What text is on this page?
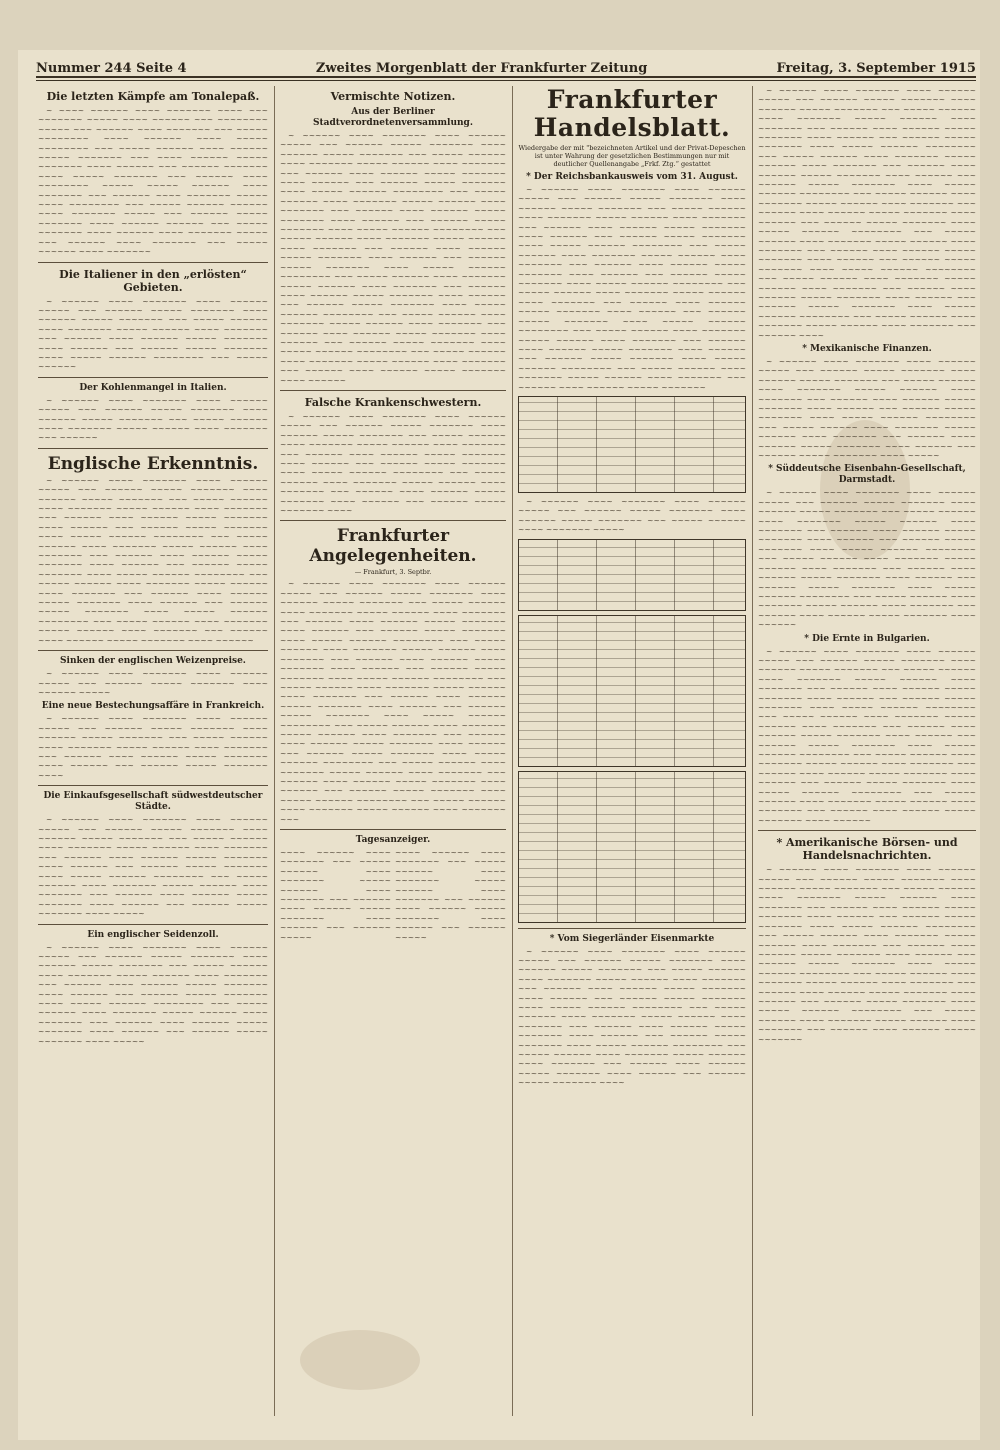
Nummer 244 Seite 4	Zweites Morgenblatt der Frankfurter Zeitung	Freitag, 3. September 1915
Die letzten Kämpfe am Tonalepaß.

~ ~~~~ ~~~~~~ ~~~~ ~~~~~~~ ~~~~ ~~~ ~~~~~~~ ~~~~~ ~~~~ ~~~~~~ ~~~ ~~~~~~~~ ~~~~~ ~~~ ~~~~~~ ~~~~ ~~~~~~~ ~~~ ~~~~~ ~~~~~~~~ ~~~~ ~~~~~~ ~~~~ ~~~~~ ~~~~~~~~ ~~~ ~~~~~ ~~~~~~ ~~~~ ~~~~~~ ~~~~~ ~~~~~~~ ~~~ ~~~~ ~~~~~~ ~~~~~ ~~~~~~~ ~~~~ ~~~~~~ ~~~ ~~~~~~ ~~~~~~~ ~~~~ ~~~~~ ~~~~~~~ ~~~ ~~~~~~ ~~~~ ~~~~~~~~ ~~~~~ ~~~~~ ~~~~~~ ~~~~ ~~~~~~~ ~~~ ~~~~~~ ~~~~ ~~~~~~~ ~~~~~ ~~~~ ~~~~~~~~ ~~~ ~~~~~ ~~~~~~ ~~~~~~ ~~~~ ~~~~~~~ ~~~~~ ~~~ ~~~~~~ ~~~~~ ~~~~~~~ ~~~~ ~~~~~~ ~~~~~~ ~~~ ~~~~~ ~~~~~~~ ~~~~ ~~~~~~ ~~~~ ~~~~~~~ ~~~~~ ~~~ ~~~~~~ ~~~~ ~~~~~~~ ~~~ ~~~~~ ~~~~~~ ~~~~ ~~~~~~~

Die Italiener in den „erlösten“ Gebieten.

~ ~~~~~~ ~~~~ ~~~~~~~ ~~~~ ~~~~~~ ~~~~~ ~~~ ~~~~~~ ~~~~~ ~~~~~~~ ~~~~ ~~~~~~ ~~~~~ ~~~~~~~ ~~~ ~~~~~ ~~~~~~ ~~~~ ~~~~~~~ ~~~~~ ~~~~~~ ~~~~ ~~~~~~~ ~~~ ~~~~~~ ~~~~ ~~~~~~ ~~~~~ ~~~~~~~ ~~~~ ~~~~~~ ~~~ ~~~~~~ ~~~~~ ~~~~~~~ ~~~~ ~~~~~ ~~~~~~ ~~~~~~~~ ~~~ ~~~~~ ~~~~~~

Der Kohlenmangel in Italien.

~ ~~~~~~ ~~~~ ~~~~~~~ ~~~~ ~~~~~~ ~~~~~ ~~~ ~~~~~~ ~~~~~ ~~~~~~~ ~~~~ ~~~~~~ ~~~~~ ~~~~~~~ ~~~ ~~~~~ ~~~~~~ ~~~~ ~~~~~~~ ~~~~~ ~~~~~~ ~~~~ ~~~~~~~ ~~~ ~~~~~~

Englische Erkenntnis.

~ ~~~~~~ ~~~~ ~~~~~~~ ~~~~ ~~~~~~ ~~~~~ ~~~ ~~~~~~ ~~~~~ ~~~~~~~ ~~~~ ~~~~~~ ~~~~~ ~~~~~~~ ~~~ ~~~~~ ~~~~~~ ~~~~ ~~~~~~~ ~~~~~ ~~~~~~ ~~~~ ~~~~~~~ ~~~ ~~~~~~ ~~~~ ~~~~~~ ~~~~~ ~~~~~~~ ~~~~ ~~~~~~ ~~~ ~~~~~~ ~~~~~ ~~~~~~~ ~~~~ ~~~~~ ~~~~~~ ~~~~~~~~ ~~~ ~~~~~ ~~~~~~ ~~~~ ~~~~~~~ ~~~~~ ~~~~~~ ~~~~ ~~~~~~~ ~~~ ~~~~~~ ~~~~ ~~~~~~ ~~~~~ ~~~~~~~ ~~~~ ~~~~~~ ~~~ ~~~~~~ ~~~~~ ~~~~~~~ ~~~~ ~~~~~ ~~~~~~ ~~~~~~~~ ~~~ ~~~~~ ~~~~~~ ~~~~ ~~~~~~~ ~~~~~ ~~~~~~ ~~~~ ~~~~~~~ ~~~ ~~~~~~ ~~~~ ~~~~~~ ~~~~~ ~~~~~~~ ~~~~ ~~~~~~ ~~~ ~~~~~~ ~~~~~ ~~~~~~~ ~~~~ ~~~~~ ~~~~~~ ~~~~~~~~ ~~~ ~~~~~ ~~~~~~ ~~~~ ~~~~~~~ ~~~~~ ~~~~~~ ~~~~ ~~~~~~~ ~~~ ~~~~~~ ~~~~ ~~~~~~ ~~~~~ ~~~~~~~ ~~~~ ~~~~~~

Sinken der englischen Weizenpreise.

~ ~~~~~~ ~~~~ ~~~~~~~ ~~~~ ~~~~~~ ~~~~~ ~~~ ~~~~~~ ~~~~~ ~~~~~~~ ~~~~ ~~~~~~ ~~~~~

Eine neue Bestechungsaffäre in Frankreich.

~ ~~~~~~ ~~~~ ~~~~~~~ ~~~~ ~~~~~~ ~~~~~ ~~~ ~~~~~~ ~~~~~ ~~~~~~~ ~~~~ ~~~~~~ ~~~~~ ~~~~~~~ ~~~ ~~~~~ ~~~~~~ ~~~~ ~~~~~~~ ~~~~~ ~~~~~~ ~~~~ ~~~~~~~ ~~~ ~~~~~~ ~~~~ ~~~~~~ ~~~~~ ~~~~~~~ ~~~~ ~~~~~~ ~~~ ~~~~~~ ~~~~~ ~~~~~~~ ~~~~

Die Einkaufsgesellschaft südwestdeutscher Städte.

~ ~~~~~~ ~~~~ ~~~~~~~ ~~~~ ~~~~~~ ~~~~~ ~~~ ~~~~~~ ~~~~~ ~~~~~~~ ~~~~ ~~~~~~ ~~~~~ ~~~~~~~ ~~~ ~~~~~ ~~~~~~ ~~~~ ~~~~~~~ ~~~~~ ~~~~~~ ~~~~ ~~~~~~~ ~~~ ~~~~~~ ~~~~ ~~~~~~ ~~~~~ ~~~~~~~ ~~~~ ~~~~~~ ~~~ ~~~~~~ ~~~~~ ~~~~~~~ ~~~~ ~~~~~ ~~~~~~ ~~~~~~~~ ~~~ ~~~~~ ~~~~~~ ~~~~ ~~~~~~~ ~~~~~ ~~~~~~ ~~~~ ~~~~~~~ ~~~ ~~~~~~ ~~~~ ~~~~~~ ~~~~~ ~~~~~~~ ~~~~ ~~~~~~ ~~~ ~~~~~~ ~~~~~ ~~~~~~~ ~~~~ ~~~~~

Ein englischer Seidenzoll.

~ ~~~~~~ ~~~~ ~~~~~~~ ~~~~ ~~~~~~ ~~~~~ ~~~ ~~~~~~ ~~~~~ ~~~~~~~ ~~~~ ~~~~~~ ~~~~~ ~~~~~~~ ~~~ ~~~~~ ~~~~~~ ~~~~ ~~~~~~~ ~~~~~ ~~~~~~ ~~~~ ~~~~~~~ ~~~ ~~~~~~ ~~~~ ~~~~~~ ~~~~~ ~~~~~~~ ~~~~ ~~~~~~ ~~~ ~~~~~~ ~~~~~ ~~~~~~~ ~~~~ ~~~~~ ~~~~~~ ~~~~~~~~ ~~~ ~~~~~ ~~~~~~ ~~~~ ~~~~~~~ ~~~~~ ~~~~~~ ~~~~ ~~~~~~~ ~~~ ~~~~~~ ~~~~ ~~~~~~ ~~~~~ ~~~~~~~ ~~~~ ~~~~~~ ~~~ ~~~~~~ ~~~~~ ~~~~~~~ ~~~~ ~~~~~

Vermischte Notizen.
Aus der Berliner Stadtverordnetenversammlung.

~ ~~~~~~ ~~~~ ~~~~~~~ ~~~~ ~~~~~~ ~~~~~ ~~~ ~~~~~~ ~~~~~ ~~~~~~~ ~~~~ ~~~~~~ ~~~~~ ~~~~~~~ ~~~ ~~~~~ ~~~~~~ ~~~~ ~~~~~~~ ~~~~~ ~~~~~~ ~~~~ ~~~~~~~ ~~~ ~~~~~~ ~~~~ ~~~~~~ ~~~~~ ~~~~~~~ ~~~~ ~~~~~~ ~~~ ~~~~~~ ~~~~~ ~~~~~~~ ~~~~ ~~~~~ ~~~~~~ ~~~~~~~~ ~~~ ~~~~~ ~~~~~~ ~~~~ ~~~~~~~ ~~~~~ ~~~~~~ ~~~~ ~~~~~~~ ~~~ ~~~~~~ ~~~~ ~~~~~~ ~~~~~ ~~~~~~~ ~~~~ ~~~~~~ ~~~ ~~~~~~ ~~~~~ ~~~~~~~ ~~~~ ~~~~~ ~~~~~~ ~~~~~~~~ ~~~ ~~~~~ ~~~~~~ ~~~~ ~~~~~~~ ~~~~~ ~~~~~~ ~~~~ ~~~~~~~ ~~~ ~~~~~~ ~~~~ ~~~~~~ ~~~~~ ~~~~~~~ ~~~~ ~~~~~~ ~~~ ~~~~~~ ~~~~~ ~~~~~~~ ~~~~ ~~~~~ ~~~~~~ ~~~~~~~~ ~~~ ~~~~~ ~~~~~~ ~~~~ ~~~~~~~ ~~~~~ ~~~~~~ ~~~~ ~~~~~~~ ~~~ ~~~~~~ ~~~~ ~~~~~~ ~~~~~ ~~~~~~~ ~~~~ ~~~~~~ ~~~ ~~~~~~ ~~~~~ ~~~~~~~ ~~~~ ~~~~~ ~~~~~~ ~~~~~~~~ ~~~ ~~~~~ ~~~~~~ ~~~~ ~~~~~~~ ~~~~~ ~~~~~~ ~~~~ ~~~~~~~ ~~~ ~~~~~~ ~~~~ ~~~~~~ ~~~~~ ~~~~~~~ ~~~~ ~~~~~~ ~~~ ~~~~~~ ~~~~~ ~~~~~~~ ~~~~ ~~~~~ ~~~~~~ ~~~~~~~~ ~~~ ~~~~~ ~~~~~~ ~~~~ ~~~~~~~ ~~~~~ ~~~~~~ ~~~~ ~~~~~~~ ~~~ ~~~~~~ ~~~~ ~~~~~~ ~~~~~ ~~~~~~~ ~~~~ ~~~~~~

Falsche Krankenschwestern.

~ ~~~~~~ ~~~~ ~~~~~~~ ~~~~ ~~~~~~ ~~~~~ ~~~ ~~~~~~ ~~~~~ ~~~~~~~ ~~~~ ~~~~~~ ~~~~~ ~~~~~~~ ~~~ ~~~~~ ~~~~~~ ~~~~ ~~~~~~~ ~~~~~ ~~~~~~ ~~~~ ~~~~~~~ ~~~ ~~~~~~ ~~~~ ~~~~~~ ~~~~~ ~~~~~~~ ~~~~ ~~~~~~ ~~~ ~~~~~~ ~~~~~ ~~~~~~~ ~~~~ ~~~~~ ~~~~~~ ~~~~~~~~ ~~~ ~~~~~ ~~~~~~ ~~~~ ~~~~~~~ ~~~~~ ~~~~~~ ~~~~ ~~~~~~~ ~~~ ~~~~~~ ~~~~ ~~~~~~ ~~~~~ ~~~~~~~ ~~~~ ~~~~~~ ~~~ ~~~~~~ ~~~~~ ~~~~~~~ ~~~~

Frankfurter Angelegenheiten.
— Frankfurt, 3. Septbr.

~ ~~~~~~ ~~~~ ~~~~~~~ ~~~~ ~~~~~~ ~~~~~ ~~~ ~~~~~~ ~~~~~ ~~~~~~~ ~~~~ ~~~~~~ ~~~~~ ~~~~~~~ ~~~ ~~~~~ ~~~~~~ ~~~~ ~~~~~~~ ~~~~~ ~~~~~~ ~~~~ ~~~~~~~ ~~~ ~~~~~~ ~~~~ ~~~~~~ ~~~~~ ~~~~~~~ ~~~~ ~~~~~~ ~~~ ~~~~~~ ~~~~~ ~~~~~~~ ~~~~ ~~~~~ ~~~~~~ ~~~~~~~~ ~~~ ~~~~~ ~~~~~~ ~~~~ ~~~~~~~ ~~~~~ ~~~~~~ ~~~~ ~~~~~~~ ~~~ ~~~~~~ ~~~~ ~~~~~~ ~~~~~ ~~~~~~~ ~~~~ ~~~~~~ ~~~ ~~~~~~ ~~~~~ ~~~~~~~ ~~~~ ~~~~~ ~~~~~~ ~~~~~~~~ ~~~ ~~~~~ ~~~~~~ ~~~~ ~~~~~~~ ~~~~~ ~~~~~~ ~~~~ ~~~~~~~ ~~~ ~~~~~~ ~~~~ ~~~~~~ ~~~~~ ~~~~~~~ ~~~~ ~~~~~~ ~~~ ~~~~~~ ~~~~~ ~~~~~~~ ~~~~ ~~~~~ ~~~~~~ ~~~~~~~~ ~~~ ~~~~~ ~~~~~~ ~~~~ ~~~~~~~ ~~~~~ ~~~~~~ ~~~~ ~~~~~~~ ~~~ ~~~~~~ ~~~~ ~~~~~~ ~~~~~ ~~~~~~~ ~~~~ ~~~~~~ ~~~ ~~~~~~ ~~~~~ ~~~~~~~ ~~~~ ~~~~~ ~~~~~~ ~~~~~~~~ ~~~ ~~~~~ ~~~~~~ ~~~~ ~~~~~~~ ~~~~~ ~~~~~~ ~~~~ ~~~~~~~ ~~~ ~~~~~~ ~~~~ ~~~~~~ ~~~~~ ~~~~~~~ ~~~~ ~~~~~~ ~~~ ~~~~~~ ~~~~~ ~~~~~~~ ~~~~ ~~~~~ ~~~~~~ ~~~~~~~~ ~~~ ~~~~~ ~~~~~~ ~~~~ ~~~~~~~ ~~~~~ ~~~~~~ ~~~~ ~~~~~~~ ~~~

Tagesanzeiger.
~~~~ ~~~~~~ ~~~~ ~~~~~~~ ~~~ ~~~~~ ~~~~~~ ~~~~ ~~~~~~~ ~~~~~ ~~~~~~ ~~~~ ~~~~~~~ ~~~ ~~~~~~ ~~~~ ~~~~~~ ~~~~~ ~~~~~~~ ~~~~ ~~~~~~ ~~~ ~~~~~~ ~~~~~
~~~~ ~~~~~~ ~~~~ ~~~~~~~ ~~~ ~~~~~ ~~~~~~ ~~~~ ~~~~~~~ ~~~~~ ~~~~~~ ~~~~ ~~~~~~~ ~~~ ~~~~~~ ~~~~ ~~~~~~ ~~~~~ ~~~~~~~ ~~~~ ~~~~~~ ~~~ ~~~~~~ ~~~~~
Frankfurter Handelsblatt.
Wiedergabe der mit "bezeichneten Artikel und der Privat-Depeschen ist unter Wahrung der gesetzlichen Bestimmungen nur mit deutlicher Quellenangabe „Frkf. Ztg.“ gestattet
* Der Reichsbankausweis vom 31. August.

~ ~~~~~~ ~~~~ ~~~~~~~ ~~~~ ~~~~~~ ~~~~~ ~~~ ~~~~~~ ~~~~~ ~~~~~~~ ~~~~ ~~~~~~ ~~~~~ ~~~~~~~ ~~~ ~~~~~ ~~~~~~ ~~~~ ~~~~~~~ ~~~~~ ~~~~~~ ~~~~ ~~~~~~~ ~~~ ~~~~~~ ~~~~ ~~~~~~ ~~~~~ ~~~~~~~ ~~~~ ~~~~~~ ~~~ ~~~~~~ ~~~~~ ~~~~~~~ ~~~~ ~~~~~ ~~~~~~ ~~~~~~~~ ~~~ ~~~~~ ~~~~~~ ~~~~ ~~~~~~~ ~~~~~ ~~~~~~ ~~~~ ~~~~~~~ ~~~ ~~~~~~ ~~~~ ~~~~~~ ~~~~~ ~~~~~~~ ~~~~ ~~~~~~ ~~~ ~~~~~~ ~~~~~ ~~~~~~~ ~~~~ ~~~~~ ~~~~~~ ~~~~~~~~ ~~~ ~~~~~ ~~~~~~ ~~~~ ~~~~~~~ ~~~~~ ~~~~~~ ~~~~ ~~~~~~~ ~~~ ~~~~~~ ~~~~ ~~~~~~ ~~~~~ ~~~~~~~ ~~~~ ~~~~~~ ~~~ ~~~~~~ ~~~~~ ~~~~~~~ ~~~~ ~~~~~ ~~~~~~ ~~~~~~~~ ~~~ ~~~~~ ~~~~~~ ~~~~ ~~~~~~~ ~~~~~ ~~~~~~ ~~~~ ~~~~~~~ ~~~ ~~~~~~ ~~~~ ~~~~~~ ~~~~~ ~~~~~~~ ~~~~ ~~~~~~ ~~~ ~~~~~~ ~~~~~ ~~~~~~~ ~~~~ ~~~~~ ~~~~~~ ~~~~~~~~ ~~~ ~~~~~ ~~~~~~ ~~~~ ~~~~~~~ ~~~~~ ~~~~~~ ~~~~ ~~~~~~~ ~~~ ~~~~~~ ~~~~ ~~~~~~ ~~~~~ ~~~~~~~

~ ~~~~~~ ~~~~ ~~~~~~~ ~~~~ ~~~~~~ ~~~~~ ~~~ ~~~~~~ ~~~~~ ~~~~~~~ ~~~~ ~~~~~~ ~~~~~ ~~~~~~~ ~~~ ~~~~~ ~~~~~~ ~~~~ ~~~~~~~ ~~~~~

* Vom Siegerländer Eisenmarkte

~ ~~~~~~ ~~~~ ~~~~~~~ ~~~~ ~~~~~~ ~~~~~ ~~~ ~~~~~~ ~~~~~ ~~~~~~~ ~~~~ ~~~~~~ ~~~~~ ~~~~~~~ ~~~ ~~~~~ ~~~~~~ ~~~~ ~~~~~~~ ~~~~~ ~~~~~~ ~~~~ ~~~~~~~ ~~~ ~~~~~~ ~~~~ ~~~~~~ ~~~~~ ~~~~~~~ ~~~~ ~~~~~~ ~~~ ~~~~~~ ~~~~~ ~~~~~~~ ~~~~ ~~~~~ ~~~~~~ ~~~~~~~~ ~~~ ~~~~~ ~~~~~~ ~~~~ ~~~~~~~ ~~~~~ ~~~~~~ ~~~~ ~~~~~~~ ~~~ ~~~~~~ ~~~~ ~~~~~~ ~~~~~ ~~~~~~~ ~~~~ ~~~~~~ ~~~ ~~~~~~ ~~~~~ ~~~~~~~ ~~~~ ~~~~~ ~~~~~~ ~~~~~~~~ ~~~ ~~~~~ ~~~~~~ ~~~~ ~~~~~~~ ~~~~~ ~~~~~~ ~~~~ ~~~~~~~ ~~~ ~~~~~~ ~~~~ ~~~~~~ ~~~~~ ~~~~~~~ ~~~~ ~~~~~~ ~~~ ~~~~~~ ~~~~~ ~~~~~~~ ~~~~

~ ~~~~~~ ~~~~ ~~~~~~~ ~~~~ ~~~~~~ ~~~~~ ~~~ ~~~~~~ ~~~~~ ~~~~~~~ ~~~~ ~~~~~~ ~~~~~ ~~~~~~~ ~~~ ~~~~~ ~~~~~~ ~~~~ ~~~~~~~ ~~~~~ ~~~~~~ ~~~~ ~~~~~~~ ~~~ ~~~~~~ ~~~~ ~~~~~~ ~~~~~ ~~~~~~~ ~~~~ ~~~~~~ ~~~ ~~~~~~ ~~~~~ ~~~~~~~ ~~~~ ~~~~~ ~~~~~~ ~~~~~~~~ ~~~ ~~~~~ ~~~~~~ ~~~~ ~~~~~~~ ~~~~~ ~~~~~~ ~~~~ ~~~~~~~ ~~~ ~~~~~~ ~~~~ ~~~~~~ ~~~~~ ~~~~~~~ ~~~~ ~~~~~~ ~~~ ~~~~~~ ~~~~~ ~~~~~~~ ~~~~ ~~~~~ ~~~~~~ ~~~~~~~~ ~~~ ~~~~~ ~~~~~~ ~~~~ ~~~~~~~ ~~~~~ ~~~~~~ ~~~~ ~~~~~~~ ~~~ ~~~~~~ ~~~~ ~~~~~~ ~~~~~ ~~~~~~~ ~~~~ ~~~~~~ ~~~ ~~~~~~ ~~~~~ ~~~~~~~ ~~~~ ~~~~~ ~~~~~~ ~~~~~~~~ ~~~ ~~~~~ ~~~~~~ ~~~~ ~~~~~~~ ~~~~~ ~~~~~~ ~~~~ ~~~~~~~ ~~~ ~~~~~~ ~~~~ ~~~~~~ ~~~~~ ~~~~~~~ ~~~~ ~~~~~~ ~~~ ~~~~~~ ~~~~~ ~~~~~~~ ~~~~ ~~~~~ ~~~~~~ ~~~~~~~~ ~~~ ~~~~~ ~~~~~~ ~~~~ ~~~~~~~ ~~~~~ ~~~~~~ ~~~~ ~~~~~~~ ~~~ ~~~~~~ ~~~~ ~~~~~~ ~~~~~ ~~~~~~~ ~~~~ ~~~~~~ ~~~ ~~~~~~ ~~~~~ ~~~~~~~ ~~~~ ~~~~~ ~~~~~~ ~~~~~~~~ ~~~ ~~~~~ ~~~~~~ ~~~~ ~~~~~~~ ~~~~~ ~~~~~~ ~~~~ ~~~~~~~ ~~~ ~~~~~~ ~~~~

* Mexikanische Finanzen.

~ ~~~~~~ ~~~~ ~~~~~~~ ~~~~ ~~~~~~ ~~~~~ ~~~ ~~~~~~ ~~~~~ ~~~~~~~ ~~~~ ~~~~~~ ~~~~~ ~~~~~~~ ~~~ ~~~~~ ~~~~~~ ~~~~ ~~~~~~~ ~~~~~ ~~~~~~ ~~~~ ~~~~~~~ ~~~ ~~~~~~ ~~~~ ~~~~~~ ~~~~~ ~~~~~~~ ~~~~ ~~~~~~ ~~~ ~~~~~~ ~~~~~ ~~~~~~~ ~~~~ ~~~~~ ~~~~~~ ~~~~~~~~ ~~~ ~~~~~ ~~~~~~ ~~~~ ~~~~~~~ ~~~~~ ~~~~~~ ~~~~ ~~~~~~~ ~~~ ~~~~~~ ~~~~ ~~~~~~ ~~~~~ ~~~~~~~ ~~~~ ~~~~~~ ~~~ ~~~~~~ ~~~~~ ~~~~~~~ ~~~~ ~~~~~

* Süddeutsche Eisenbahn-Gesellschaft, Darmstadt.

~ ~~~~~~ ~~~~ ~~~~~~~ ~~~~ ~~~~~~ ~~~~~ ~~~ ~~~~~~ ~~~~~ ~~~~~~~ ~~~~ ~~~~~~ ~~~~~ ~~~~~~~ ~~~ ~~~~~ ~~~~~~ ~~~~ ~~~~~~~ ~~~~~ ~~~~~~ ~~~~ ~~~~~~~ ~~~ ~~~~~~ ~~~~ ~~~~~~ ~~~~~ ~~~~~~~ ~~~~ ~~~~~~ ~~~ ~~~~~~ ~~~~~ ~~~~~~~ ~~~~ ~~~~~ ~~~~~~ ~~~~~~~~ ~~~ ~~~~~ ~~~~~~ ~~~~ ~~~~~~~ ~~~~~ ~~~~~~ ~~~~ ~~~~~~~ ~~~ ~~~~~~ ~~~~ ~~~~~~ ~~~~~ ~~~~~~~ ~~~~ ~~~~~~ ~~~ ~~~~~~ ~~~~~ ~~~~~~~ ~~~~ ~~~~~ ~~~~~~ ~~~~~~~~ ~~~ ~~~~~ ~~~~~~ ~~~~ ~~~~~~~ ~~~~~ ~~~~~~ ~~~~ ~~~~~~~ ~~~ ~~~~~~ ~~~~ ~~~~~~ ~~~~~ ~~~~~~~ ~~~~ ~~~~~~

* Die Ernte in Bulgarien.

~ ~~~~~~ ~~~~ ~~~~~~~ ~~~~ ~~~~~~ ~~~~~ ~~~ ~~~~~~ ~~~~~ ~~~~~~~ ~~~~ ~~~~~~ ~~~~~ ~~~~~~~ ~~~ ~~~~~ ~~~~~~ ~~~~ ~~~~~~~ ~~~~~ ~~~~~~ ~~~~ ~~~~~~~ ~~~ ~~~~~~ ~~~~ ~~~~~~ ~~~~~ ~~~~~~~ ~~~~ ~~~~~~ ~~~ ~~~~~~ ~~~~~ ~~~~~~~ ~~~~ ~~~~~ ~~~~~~ ~~~~~~~~ ~~~ ~~~~~ ~~~~~~ ~~~~ ~~~~~~~ ~~~~~ ~~~~~~ ~~~~ ~~~~~~~ ~~~ ~~~~~~ ~~~~ ~~~~~~ ~~~~~ ~~~~~~~ ~~~~ ~~~~~~ ~~~ ~~~~~~ ~~~~~ ~~~~~~~ ~~~~ ~~~~~ ~~~~~~ ~~~~~~~~ ~~~ ~~~~~ ~~~~~~ ~~~~ ~~~~~~~ ~~~~~ ~~~~~~ ~~~~ ~~~~~~~ ~~~ ~~~~~~ ~~~~ ~~~~~~ ~~~~~ ~~~~~~~ ~~~~ ~~~~~~ ~~~ ~~~~~~ ~~~~~ ~~~~~~~ ~~~~ ~~~~~ ~~~~~~ ~~~~~~~~ ~~~ ~~~~~ ~~~~~~ ~~~~ ~~~~~~~ ~~~~~ ~~~~~~ ~~~~ ~~~~~~~ ~~~ ~~~~~~ ~~~~ ~~~~~~ ~~~~~ ~~~~~~~ ~~~~ ~~~~~~

* Amerikanische Börsen- und Handelsnachrichten.

~ ~~~~~~ ~~~~ ~~~~~~~ ~~~~ ~~~~~~ ~~~~~ ~~~ ~~~~~~ ~~~~~ ~~~~~~~ ~~~~ ~~~~~~ ~~~~~ ~~~~~~~ ~~~ ~~~~~ ~~~~~~ ~~~~ ~~~~~~~ ~~~~~ ~~~~~~ ~~~~ ~~~~~~~ ~~~ ~~~~~~ ~~~~ ~~~~~~ ~~~~~ ~~~~~~~ ~~~~ ~~~~~~ ~~~ ~~~~~~ ~~~~~ ~~~~~~~ ~~~~ ~~~~~ ~~~~~~ ~~~~~~~~ ~~~ ~~~~~ ~~~~~~ ~~~~ ~~~~~~~ ~~~~~ ~~~~~~ ~~~~ ~~~~~~~ ~~~ ~~~~~~ ~~~~ ~~~~~~ ~~~~~ ~~~~~~~ ~~~~ ~~~~~~ ~~~ ~~~~~~ ~~~~~ ~~~~~~~ ~~~~ ~~~~~ ~~~~~~ ~~~~~~~~ ~~~ ~~~~~ ~~~~~~ ~~~~ ~~~~~~~ ~~~~~ ~~~~~~ ~~~~ ~~~~~~~ ~~~ ~~~~~~ ~~~~ ~~~~~~ ~~~~~ ~~~~~~~ ~~~~ ~~~~~~ ~~~ ~~~~~~ ~~~~~ ~~~~~~~ ~~~~ ~~~~~ ~~~~~~ ~~~~~~~~ ~~~ ~~~~~ ~~~~~~ ~~~~ ~~~~~~~ ~~~~~ ~~~~~~ ~~~~ ~~~~~~~ ~~~ ~~~~~~ ~~~~ ~~~~~~ ~~~~~ ~~~~~~~
